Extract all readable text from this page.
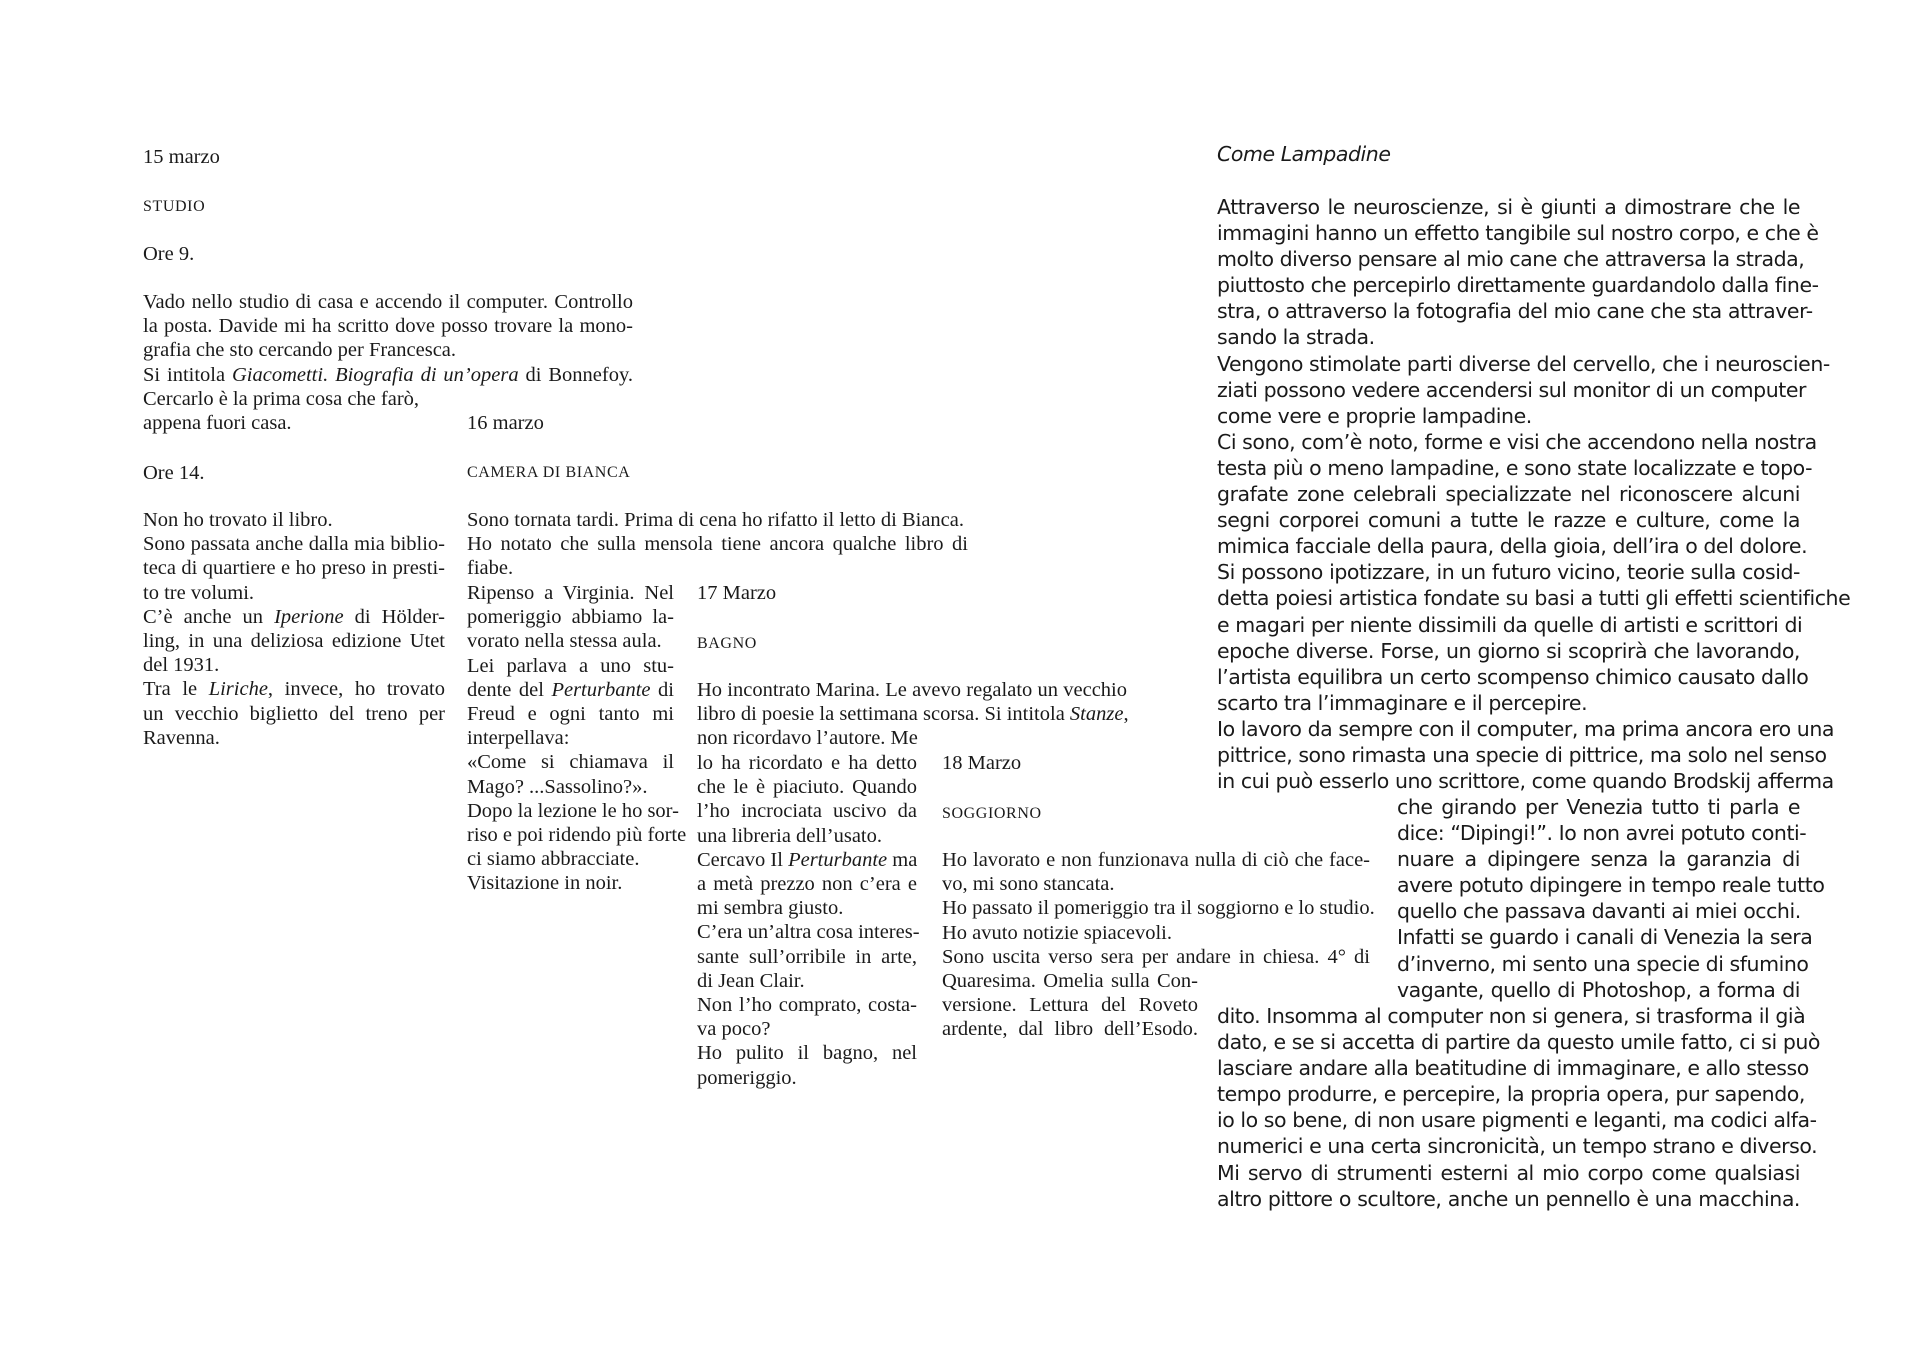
15 marzo
STUDIO
Ore 9.
Vado nello studio di casa e accendo il computer. Controllo
la posta. Davide mi ha scritto dove posso trovare la mono-
grafia che sto cercando per Francesca.
Si intitola Giacometti. Biografia di un’opera di Bonnefoy.
Cercarlo è la prima cosa che farò,
appena fuori casa.
Ore 14.
Non ho trovato il libro.
Sono passata anche dalla mia biblio-
teca di quartiere e ho preso in presti-
to tre volumi.
C’è anche un Iperione di Hölder-
ling, in una deliziosa edizione Utet
del 1931.
Tra le Liriche, invece, ho trovato
un vecchio biglietto del treno per
Ravenna.
16 marzo
CAMERA DI BIANCA
Sono tornata tardi. Prima di cena ho rifatto il letto di Bianca.
Ho notato che sulla mensola tiene ancora qualche libro di
fiabe.
Ripenso a Virginia. Nel
pomeriggio abbiamo la-
vorato nella stessa aula.
Lei parlava a uno stu-
dente del Perturbante di
Freud e ogni tanto mi
interpellava:
«Come si chiamava il
Mago? ...Sassolino?».
Dopo la lezione le ho sor-
riso e poi ridendo più forte
ci siamo abbracciate.
Visitazione in noir.
17 Marzo
BAGNO
Ho incontrato Marina. Le avevo regalato un vecchio
libro di poesie la settimana scorsa. Si intitola Stanze,
non ricordavo l’autore. Me
lo ha ricordato e ha detto
che le è piaciuto. Quando
l’ho incrociata uscivo da
una libreria dell’usato.
Cercavo Il Perturbante ma
a metà prezzo non c’era e
mi sembra giusto.
C’era un’altra cosa interes-
sante sull’orribile in arte,
di Jean Clair.
Non l’ho comprato, costa-
va poco?
Ho pulito il bagno, nel
pomeriggio.
18 Marzo
SOGGIORNO
Ho lavorato e non funzionava nulla di ciò che face-
vo, mi sono stancata.
Ho passato il pomeriggio tra il soggiorno e lo studio.
Ho avuto notizie spiacevoli.
Sono uscita verso sera per andare in chiesa. 4° di
Quaresima. Omelia sulla Con-
versione. Lettura del Roveto
ardente, dal libro dell’Esodo.
Come Lampadine
Attraverso le neuroscienze, si è giunti a dimostrare che le
immagini hanno un effetto tangibile sul nostro corpo, e che è
molto diverso pensare al mio cane che attraversa la strada,
piuttosto che percepirlo direttamente guardandolo dalla fine-
stra, o attraverso la fotografia del mio cane che sta attraver-
sando la strada.
Vengono stimolate parti diverse del cervello, che i neuroscien-
ziati possono vedere accendersi sul monitor di un computer
come vere e proprie lampadine.
Ci sono, com’è noto, forme e visi che accendono nella nostra
testa più o meno lampadine, e sono state localizzate e topo-
grafate zone celebrali specializzate nel riconoscere alcuni
segni corporei comuni a tutte le razze e culture, come la
mimica facciale della paura, della gioia, dell’ira o del dolore.
Si possono ipotizzare, in un futuro vicino, teorie sulla cosid-
detta poiesi artistica fondate su basi a tutti gli effetti scientifiche
e magari per niente dissimili da quelle di artisti e scrittori di
epoche diverse. Forse, un giorno si scoprirà che lavorando,
l’artista equilibra un certo scompenso chimico causato dallo
scarto tra l’immaginare e il percepire.
Io lavoro da sempre con il computer, ma prima ancora ero una
pittrice, sono rimasta una specie di pittrice, ma solo nel senso
in cui può esserlo uno scrittore, come quando Brodskij afferma
che girando per Venezia tutto ti parla e
dice: “Dipingi!”. Io non avrei potuto conti-
nuare a dipingere senza la garanzia di
avere potuto dipingere in tempo reale tutto
quello che passava davanti ai miei occhi.
Infatti se guardo i canali di Venezia la sera
d’inverno, mi sento una specie di sfumino
vagante, quello di Photoshop, a forma di
dito. Insomma al computer non si genera, si trasforma il già
dato, e se si accetta di partire da questo umile fatto, ci si può
lasciare andare alla beatitudine di immaginare, e allo stesso
tempo produrre, e percepire, la propria opera, pur sapendo,
io lo so bene, di non usare pigmenti e leganti, ma codici alfa-
numerici e una certa sincronicità, un tempo strano e diverso.
Mi servo di strumenti esterni al mio corpo come qualsiasi
altro pittore o scultore, anche un pennello è una macchina.
